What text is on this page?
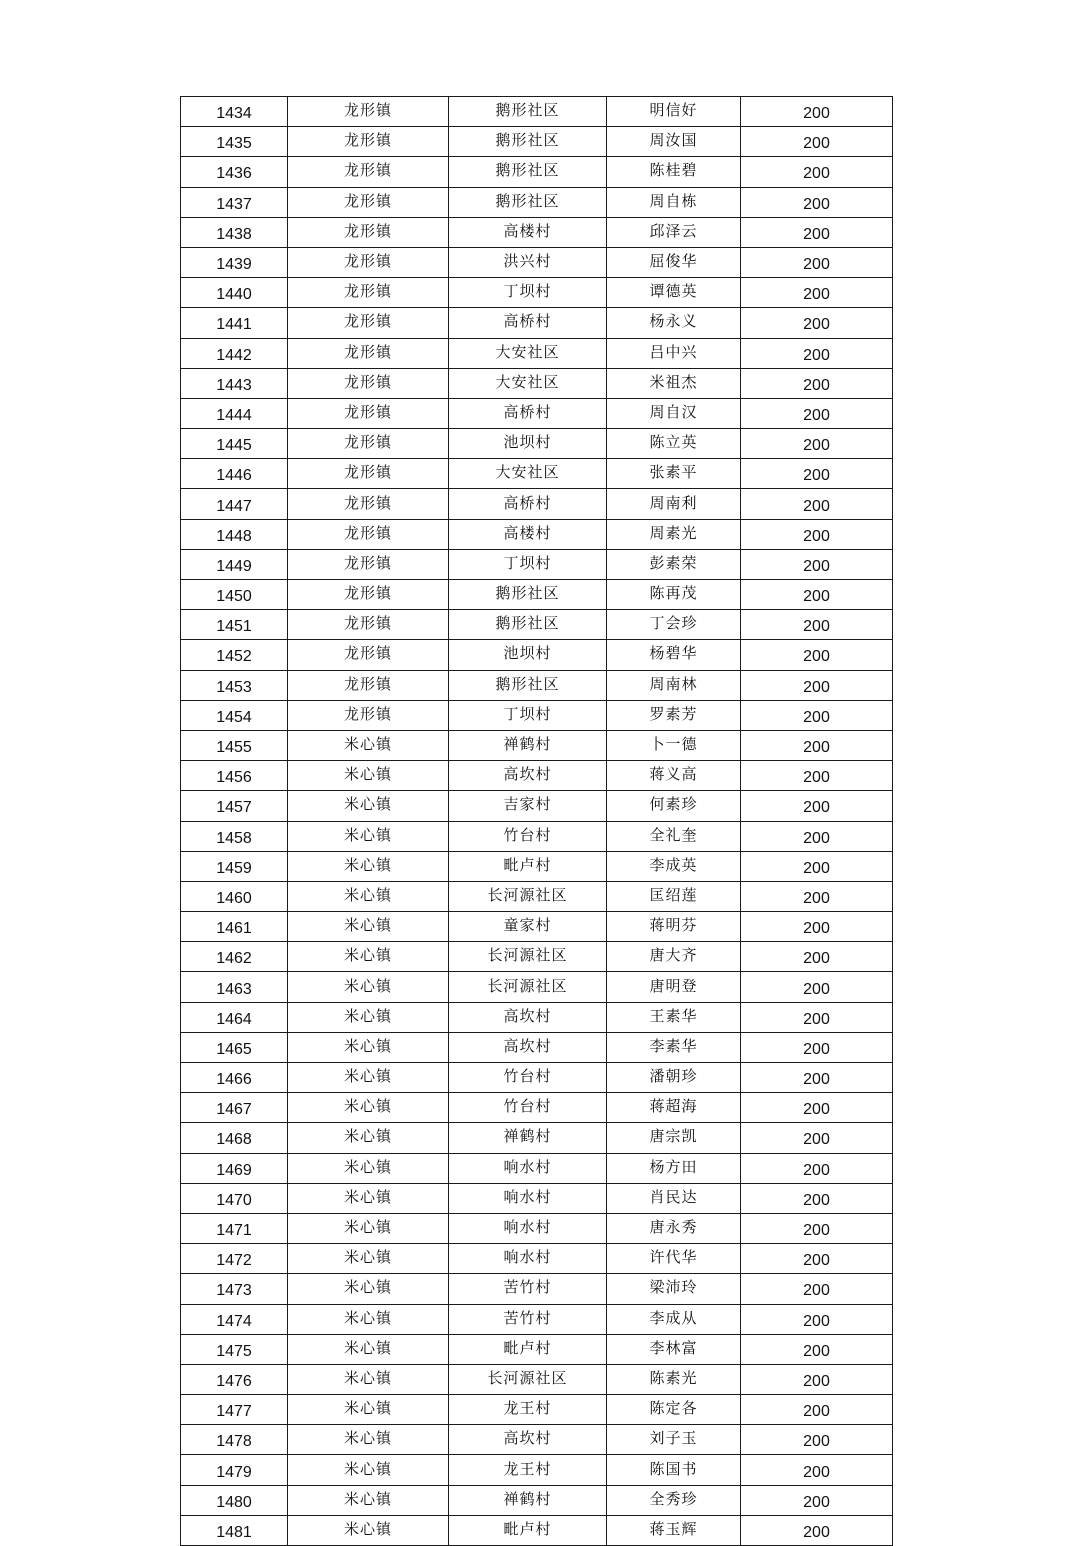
1434	龙形镇	鹅形社区	明信好	200
1435	龙形镇	鹅形社区	周汝国	200
1436	龙形镇	鹅形社区	陈桂碧	200
1437	龙形镇	鹅形社区	周自栋	200
1438	龙形镇	高楼村	邱泽云	200
1439	龙形镇	洪兴村	屈俊华	200
1440	龙形镇	丁坝村	谭德英	200
1441	龙形镇	高桥村	杨永义	200
1442	龙形镇	大安社区	吕中兴	200
1443	龙形镇	大安社区	米祖杰	200
1444	龙形镇	高桥村	周自汉	200
1445	龙形镇	池坝村	陈立英	200
1446	龙形镇	大安社区	张素平	200
1447	龙形镇	高桥村	周南利	200
1448	龙形镇	高楼村	周素光	200
1449	龙形镇	丁坝村	彭素荣	200
1450	龙形镇	鹅形社区	陈再茂	200
1451	龙形镇	鹅形社区	丁会珍	200
1452	龙形镇	池坝村	杨碧华	200
1453	龙形镇	鹅形社区	周南林	200
1454	龙形镇	丁坝村	罗素芳	200
1455	米心镇	禅鹤村	卜一德	200
1456	米心镇	高坎村	蒋义高	200
1457	米心镇	吉家村	何素珍	200
1458	米心镇	竹台村	全礼奎	200
1459	米心镇	毗卢村	李成英	200
1460	米心镇	长河源社区	匡绍莲	200
1461	米心镇	童家村	蒋明芬	200
1462	米心镇	长河源社区	唐大齐	200
1463	米心镇	长河源社区	唐明登	200
1464	米心镇	高坎村	王素华	200
1465	米心镇	高坎村	李素华	200
1466	米心镇	竹台村	潘朝珍	200
1467	米心镇	竹台村	蒋超海	200
1468	米心镇	禅鹤村	唐宗凯	200
1469	米心镇	响水村	杨方田	200
1470	米心镇	响水村	肖民达	200
1471	米心镇	响水村	唐永秀	200
1472	米心镇	响水村	许代华	200
1473	米心镇	苦竹村	梁沛玲	200
1474	米心镇	苦竹村	李成从	200
1475	米心镇	毗卢村	李林富	200
1476	米心镇	长河源社区	陈素光	200
1477	米心镇	龙王村	陈定各	200
1478	米心镇	高坎村	刘子玉	200
1479	米心镇	龙王村	陈国书	200
1480	米心镇	禅鹤村	全秀珍	200
1481	米心镇	毗卢村	蒋玉辉	200
